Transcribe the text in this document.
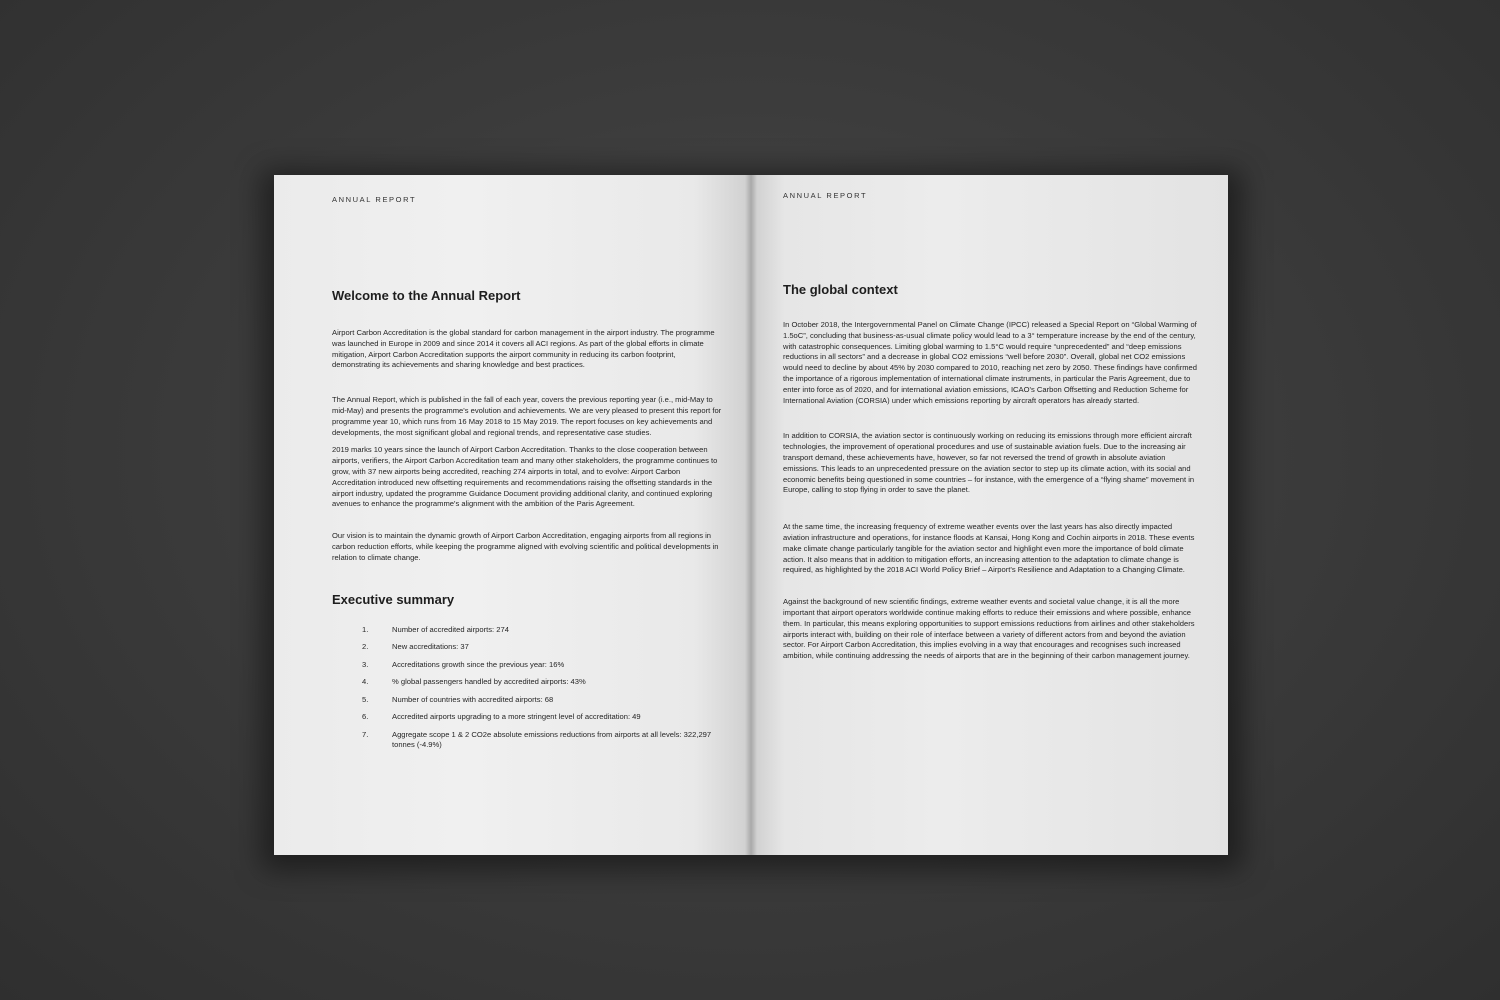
ANNUAL REPORT
Welcome to the Annual Report

Airport Carbon Accreditation is the global standard for carbon management in the airport industry. The programme was launched in Europe in 2009 and since 2014 it covers all ACI regions. As part of the global efforts in climate mitigation, Airport Carbon Accreditation supports the airport community in reducing its carbon footprint, demonstrating its achievements and sharing knowledge and best practices.

The Annual Report, which is published in the fall of each year, covers the previous reporting year (i.e., mid-May to mid-May) and presents the programme's evolution and achievements. We are very pleased to present this report for programme year 10, which runs from 16 May 2018 to 15 May 2019. The report focuses on key achievements and developments, the most significant global and regional trends, and representative case studies.

2019 marks 10 years since the launch of Airport Carbon Accreditation. Thanks to the close cooperation between airports, verifiers, the Airport Carbon Accreditation team and many other stakeholders, the programme continues to grow, with 37 new airports being accredited, reaching 274 airports in total, and to evolve: Airport Carbon Accreditation introduced new offsetting requirements and recommendations raising the offsetting standards in the airport industry, updated the programme Guidance Document providing additional clarity, and continued exploring avenues to enhance the programme's alignment with the ambition of the Paris Agreement.

Our vision is to maintain the dynamic growth of Airport Carbon Accreditation, engaging airports from all regions in carbon reduction efforts, while keeping the programme aligned with evolving scientific and political developments in relation to climate change.

Executive summary
1.	Number of accredited airports: 274
2.	New accreditations: 37
3.	Accreditations growth since the previous year: 16%
4.	% global passengers handled by accredited airports: 43%
5.	Number of countries with accredited airports: 68
6.	Accredited airports upgrading to a more stringent level of accreditation: 49
7.	Aggregate scope 1 & 2 CO2e absolute emissions reductions from airports at all levels: 322,297 tonnes (-4.9%)
ANNUAL REPORT
The global context

In October 2018, the Intergovernmental Panel on Climate Change (IPCC) released a Special Report on “Global Warming of 1.5oC”, concluding that business-as-usual climate policy would lead to a 3° temperature increase by the end of the century, with catastrophic consequences. Limiting global warming to 1.5°C would require “unprecedented” and “deep emissions reductions in all sectors” and a decrease in global CO2 emissions “well before 2030”. Overall, global net CO2 emissions would need to decline by about 45% by 2030 compared to 2010, reaching net zero by 2050. These findings have confirmed the importance of a rigorous implementation of international climate instruments, in particular the Paris Agreement, due to enter into force as of 2020, and for international aviation emissions, ICAO's Carbon Offsetting and Reduction Scheme for International Aviation (CORSIA) under which emissions reporting by aircraft operators has already started.

In addition to CORSIA, the aviation sector is continuously working on reducing its emissions through more efficient aircraft technologies, the improvement of operational procedures and use of sustainable aviation fuels. Due to the increasing air transport demand, these achievements have, however, so far not reversed the trend of growth in absolute aviation emissions. This leads to an unprecedented pressure on the aviation sector to step up its climate action, with its social and economic benefits being questioned in some countries – for instance, with the emergence of a “flying shame” movement in Europe, calling to stop flying in order to save the planet.

At the same time, the increasing frequency of extreme weather events over the last years has also directly impacted aviation infrastructure and operations, for instance floods at Kansai, Hong Kong and Cochin airports in 2018. These events make climate change particularly tangible for the aviation sector and highlight even more the importance of bold climate action. It also means that in addition to mitigation efforts, an increasing attention to the adaptation to climate change is required, as highlighted by the 2018 ACI World Policy Brief – Airport's Resilience and Adaptation to a Changing Climate.

Against the background of new scientific findings, extreme weather events and societal value change, it is all the more important that airport operators worldwide continue making efforts to reduce their emissions and where possible, enhance them. In particular, this means exploring opportunities to support emissions reductions from airlines and other stakeholders airports interact with, building on their role of interface between a variety of different actors from and beyond the aviation sector. For Airport Carbon Accreditation, this implies evolving in a way that encourages and recognises such increased ambition, while continuing addressing the needs of airports that are in the beginning of their carbon management journey.
